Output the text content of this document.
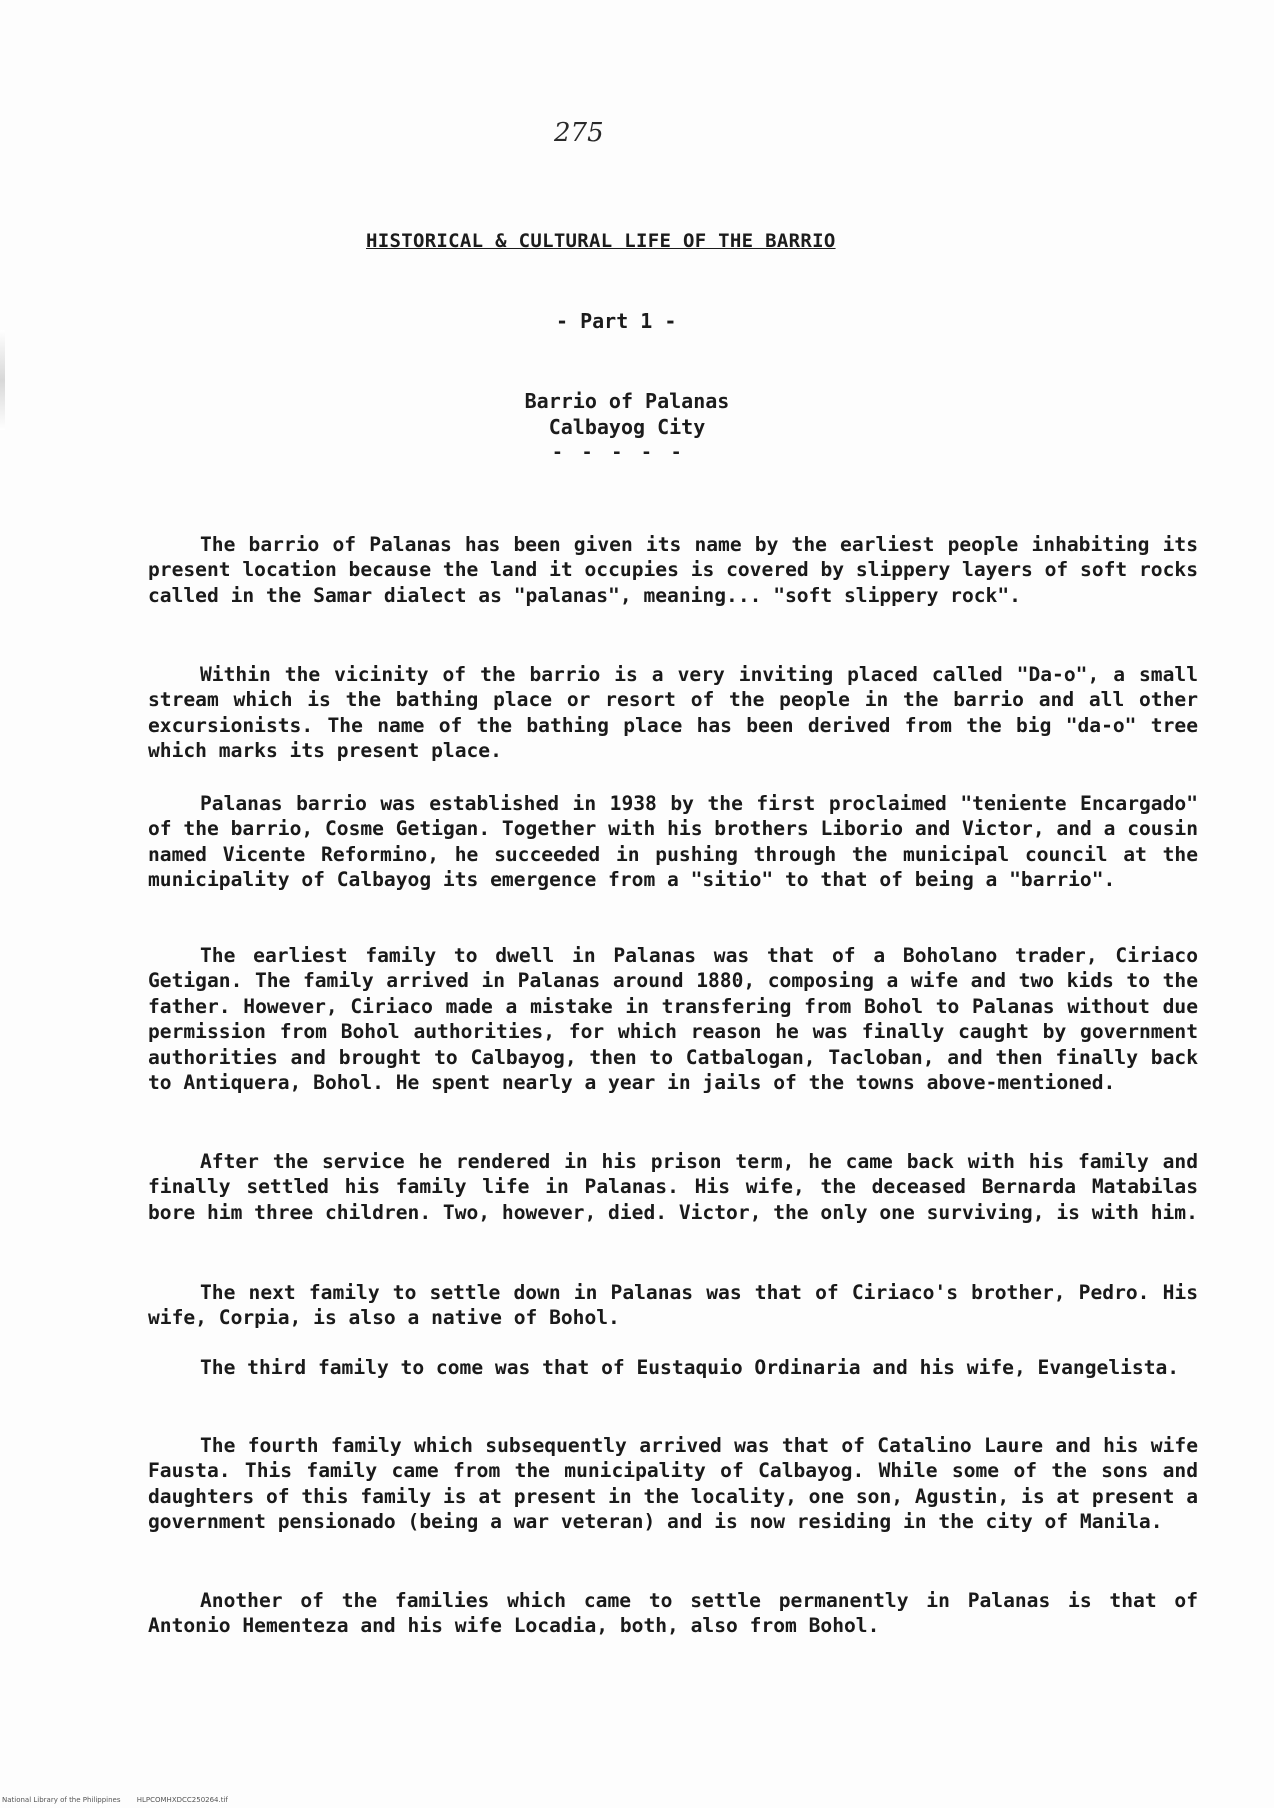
275
HISTORICAL & CULTURAL LIFE OF THE BARRIO
- Part 1 -
Barrio of Palanas
Calbayog City
- - - - -

The barrio of Palanas has been given its name by the earliest people inhabiting its present location because the land it occupies is covered by slippery layers of soft rocks called in the Samar dialect as "palanas", meaning... "soft slippery rock".

Within the vicinity of the barrio is a very inviting placed called "Da-o", a small stream which is the bathing place or resort of the people in the barrio and all other excursionists. The name of the bathing place has been derived from the big "da-o" tree which marks its present place.

Palanas barrio was established in 1938 by the first proclaimed "teniente Encargado" of the barrio, Cosme Getigan. Together with his brothers Liborio and Victor, and a cousin named Vicente Reformino, he succeeded in pushing through the municipal council at the municipality of Calbayog its emergence from a "sitio" to that of being a "barrio".

The earliest family to dwell in Palanas was that of a Boholano trader, Ciriaco Getigan. The family arrived in Palanas around 1880, composing a wife and two kids to the father. However, Ciriaco made a mistake in transfering from Bohol to Palanas without due permission from Bohol authorities, for which reason he was finally caught by government authorities and brought to Calbayog, then to Catbalogan, Tacloban, and then finally back to Antiquera, Bohol. He spent nearly a year in jails of the towns above-mentioned.

After the service he rendered in his prison term, he came back with his family and finally settled his family life in Palanas. His wife, the deceased Bernarda Matabilas bore him three children. Two, however, died. Victor, the only one surviving, is with him.

The next family to settle down in Palanas was that of Ciriaco's brother, Pedro. His wife, Corpia, is also a native of Bohol.

The third family to come was that of Eustaquio Ordinaria and his wife, Evangelista.

The fourth family which subsequently arrived was that of Catalino Laure and his wife Fausta. This family came from the municipality of Calbayog. While some of the sons and daughters of this family is at present in the locality, one son, Agustin, is at present a government pensionado (being a war veteran) and is now residing in the city of Manila.

Another of the families which came to settle permanently in Palanas is that of Antonio Hementeza and his wife Locadia, both, also from Bohol.

National Library of the Philippines HLPCOMHXDCC250264.tif
